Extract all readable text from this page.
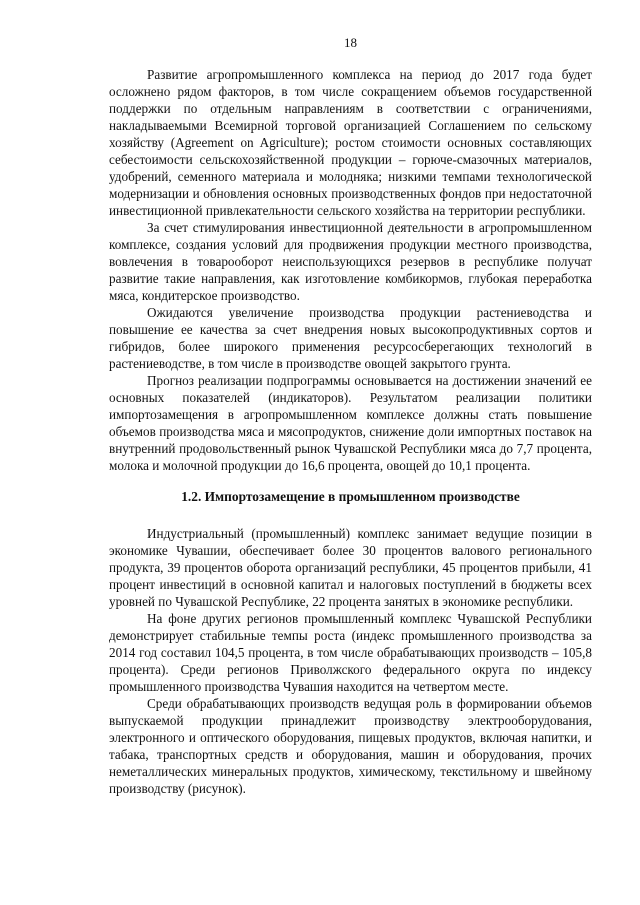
18

Развитие агропромышленного комплекса на период до 2017 года будет осложнено рядом факторов, в том числе сокращением объемов государственной поддержки по отдельным направлениям в соответствии с ограничениями, накладываемыми Всемирной торговой организацией Соглашением по сельскому хозяйству (Agreement on Agriculture); ростом стоимости основных составляющих себестоимости сельскохозяйственной продукции – горюче-смазочных материалов, удобрений, семенного материала и молодняка; низкими темпами технологической модернизации и обновления основных производственных фондов при недостаточной инвестиционной привлекательности сельского хозяйства на территории республики.

За счет стимулирования инвестиционной деятельности в агропромышленном комплексе, создания условий для продвижения продукции местного производства, вовлечения в товарооборот неиспользующихся резервов в республике получат развитие такие направления, как изготовление комбикормов, глубокая переработка мяса, кондитерское производство.

Ожидаются увеличение производства продукции растениеводства и повышение ее качества за счет внедрения новых высокопродуктивных сортов и гибридов, более широкого применения ресурсосберегающих технологий в растениеводстве, в том числе в производстве овощей закрытого грунта.

Прогноз реализации подпрограммы основывается на достижении значений ее основных показателей (индикаторов). Результатом реализации политики импортозамещения в агропромышленном комплексе должны стать повышение объемов производства мяса и мясопродуктов, снижение доли импортных поставок на внутренний продовольственный рынок Чувашской Республики мяса до 7,7 процента, молока и молочной продукции до 16,6 процента, овощей до 10,1 процента.

1.2. Импортозамещение в промышленном производстве

Индустриальный (промышленный) комплекс занимает ведущие позиции в экономике Чувашии, обеспечивает более 30 процентов валового регионального продукта, 39 процентов оборота организаций республики, 45 процентов прибыли, 41 процент инвестиций в основной капитал и налоговых поступлений в бюджеты всех уровней по Чувашской Республике, 22 процента занятых в экономике республики.

На фоне других регионов промышленный комплекс Чувашской Республики демонстрирует стабильные темпы роста (индекс промышленного производства за 2014 год составил 104,5 процента, в том числе обрабатывающих производств – 105,8 процента). Среди регионов Приволжского федерального округа по индексу промышленного производства Чувашия находится на четвертом месте.

Среди обрабатывающих производств ведущая роль в формировании объемов выпускаемой продукции принадлежит производству электрооборудования, электронного и оптического оборудования, пищевых продуктов, включая напитки, и табака, транспортных средств и оборудования, машин и оборудования, прочих неметаллических минеральных продуктов, химическому, текстильному и швейному производству (рисунок).
